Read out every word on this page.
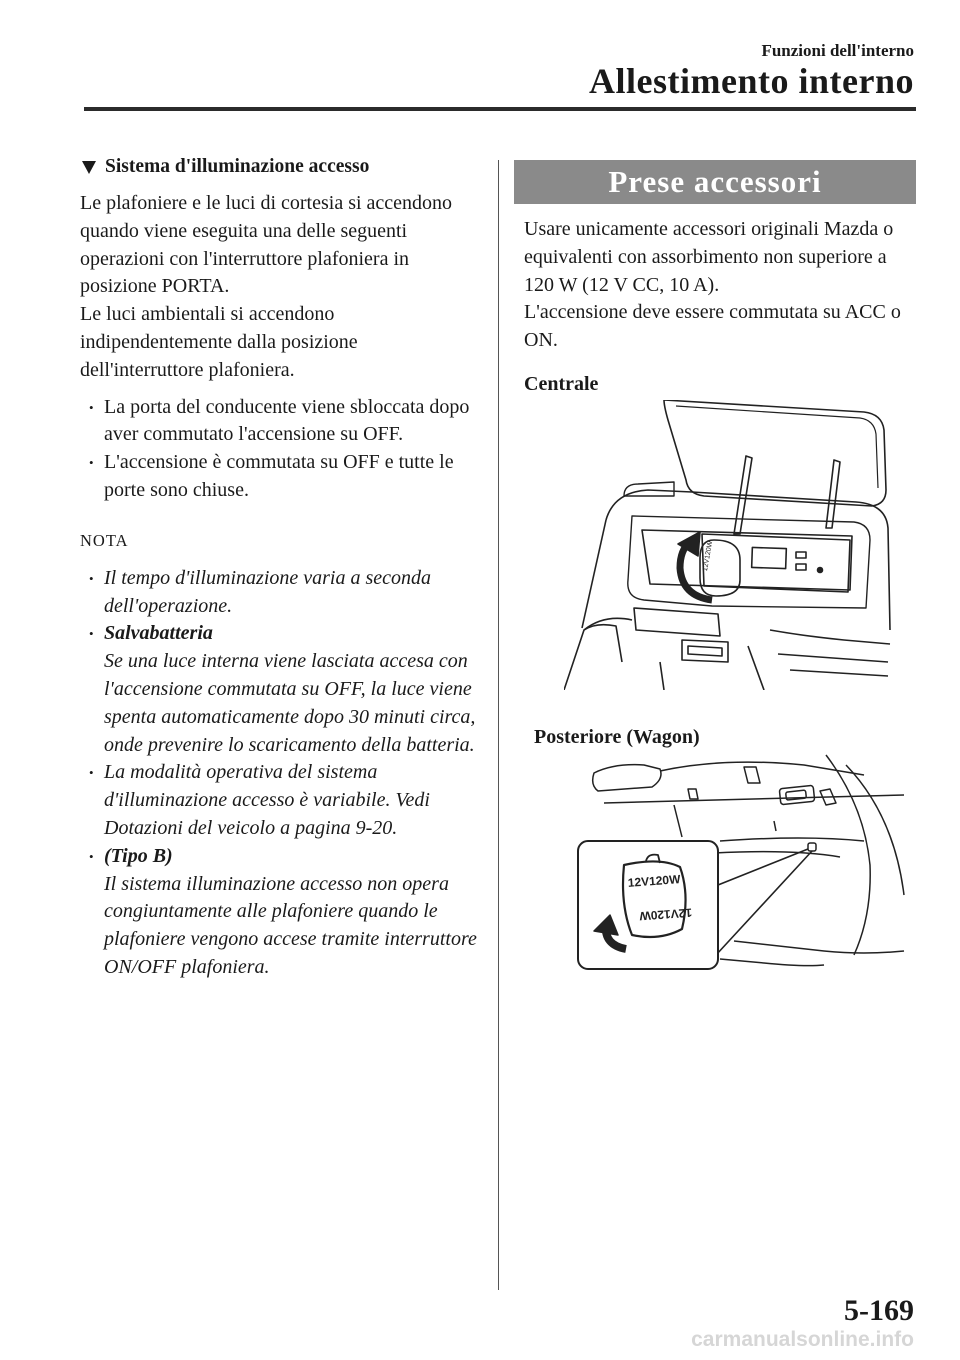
Funzioni dell'interno
Allestimento interno
Sistema d'illuminazione accesso

Le plafoniere e le luci di cortesia si accendono quando viene eseguita una delle seguenti operazioni con l'interruttore plafoniera in posizione PORTA.

Le luci ambientali si accendono indipendentemente dalla posizione dell'interruttore plafoniera.

• La porta del conducente viene sbloccata dopo aver commutato l'accensione su OFF.
• L'accensione è commutata su OFF e tutte le porte sono chiuse.
NOTA
• Il tempo d'illuminazione varia a seconda dell'operazione.
• Salvabatteria
Se una luce interna viene lasciata accesa con l'accensione commutata su OFF, la luce viene spenta automaticamente dopo 30 minuti circa, onde prevenire lo scaricamento della batteria.
• La modalità operativa del sistema d'illuminazione accesso è variabile. Vedi Dotazioni del veicolo a pagina 9-20.
• (Tipo B)
Il sistema illuminazione accesso non opera congiuntamente alle plafoniere quando le plafoniere vengono accese tramite interruttore ON/OFF plafoniera.
Prese accessori

Usare unicamente accessori originali Mazda o equivalenti con assorbimento non superiore a 120 W (12 V CC, 10 A).

L'accensione deve essere commutata su ACC o ON.

Centrale
12V120W
Posteriore (Wagon)
12V120W
12V120W
5-169
carmanualsonline.info
